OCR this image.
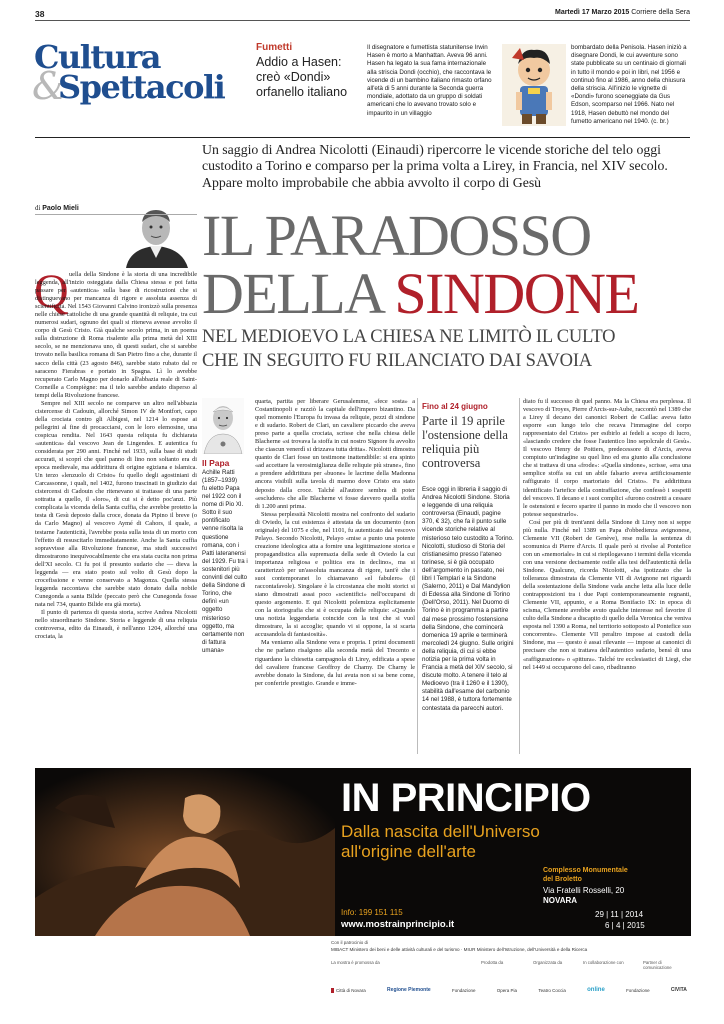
38	Martedì 17 Marzo 2015 Corriere della Sera
Cultura
&
Spettacoli
Fumetti
Addio a Hasen: creò «Dondi» orfanello italiano

Il disegnatore e fumettista statunitense Irwin Hasen è morto a Manhattan. Aveva 96 anni. Hasen ha legato la sua fama internazionale alla striscia Dondi (occhio), che raccontava le vicende di un bambino italiano rimasto orfano all'età di 5 anni durante la Seconda guerra mondiale, adottato da un gruppo di soldati americani che lo avevano trovato solo e impaurito in un villaggio

bombardato della Penisola. Hasen iniziò a disegnare Dondi, le cui avventure sono state pubblicate su un centinaio di giornali in tutto il mondo e poi in libri, nel 1956 e continuò fino al 1986, anno della chiusura della striscia. All'inizio le vignette di «Dondi» furono sceneggiate da Gus Edson, scomparso nel 1966. Nato nel 1918, Hasen debuttò nel mondo del fumetto americano nel 1940. (c. br.)

Un saggio di Andrea Nicolotti (Einaudi) ripercorre le vicende storiche del telo oggi custodito a Torino e comparso per la prima volta a Lirey, in Francia, nel XIV secolo. Appare molto improbabile che abbia avvolto il corpo di Gesù
di Paolo Mieli IL PARADOSSO
DELLA SINDONE
NEL MEDIOEVO LA CHIESA NE LIMITÒ IL CULTO
CHE IN SEGUITO FU RILANCIATO DAI SAVOIA
Q uella della Sindone è la storia di una incredibile leggenda, all'inizio osteggiata dalla Chiesa stessa e poi fatta passare per «autentica» sulla base di ricostruzioni che si distinguevano per mancanza di rigore e assoluta assenza di scientificità. Nel 1543 Giovanni Calvino ironizzò sulla presenza nelle chiese cattoliche di una grande quantità di reliquie, tra cui numerosi sudari, ognuno dei quali si riteneva avesse avvolto il corpo di Gesù Cristo. Già qualche secolo prima, in un poema sulla distruzione di Roma risalente alla prima metà del XIII secolo, se ne menzionava uno, di questi sudari, che si sarebbe trovato nella basilica romana di San Pietro fino a che, durante il sacco della città (23 agosto 846), sarebbe stato rubato dal re saraceno Fierabras e portato in Spagna. Lì lo avrebbe recuperato Carlo Magno per donarlo all'abbazia reale di Saint-Corneille a Compiègne: ma il telo sarebbe andato disperso al tempi della Rivoluzione francese.

Sempre nel XIII secolo ne comparve un altro nell'abbazia cistercense di Cadouin, allorché Simon IV de Montfort, capo della crociata contro gli Albigesi, nel 1214 lo espose ai pellegrini al fine di procacciarsi, con le loro elemosine, una cospicua rendita. Nel 1643 questa reliquia fu dichiarata «autentica» dal vescovo Jean de Lingendes. E autentica fu considerata per 290 anni. Finché nel 1933, sulla base di studi accurati, si scoprì che quel panno di lino non soltanto era di epoca medievale, ma addirittura di origine egiziana e islamica. Un terzo «lenzuolo di Cristo» fu quello degli agostiniani di Carcassonne, i quali, nel 1402, furono trascinati in giudizio dai cistercensi di Cadouin che ritenevano si trattasse di una parte sottratta a quello, il «loro», di cui si è detto poc'anzi. Più complicata la vicenda della Santa cuffia, che avrebbe protetto la testa di Gesù deposto dalla croce, donata da Pipino il breve (o da Carlo Magno) al vescovo Aymé di Cahors, il quale, a testarne l'autenticità, l'avrebbe posta sulla testa di un morto con l'effetto di resuscitarlo immediatamente. Anche la Santa cuffia sopravvisse alla Rivoluzione francese, ma studi successivi dimostrarono inequivocabilmente che era stata cucita non prima dell'XI secolo. Ci fu poi il presunto sudario che — dieva la leggenda — era stato posto sul volto di Gesù dopo la crocefissione e venne conservato a Magonza. Quella stessa leggenda raccontava che sarebbe stato donato dalla nobile Cunegonda a santa Bilide (peccato però che Cunegonda fosse nata nel 734, quanto Bilide era già morta).

Il punto di partenza di questa storia, scrive Andrea Nicolotti nello straordinario Sindone. Storia e leggende di una reliquia controversa, edito da Einaudi, è nell'anno 1204, allorché una crociata, la

Il Papa
Achille Ratti
(1857–1939)

fu eletto Papa nel 1922 con il nome di Pio XI. Sotto il suo pontificato venne risolta la questione romana, con i Patti lateranensi del 1929. Fu tra i sostenitori più convinti del culto della Sindone di Torino, che definì «un oggetto misterioso oggetto, ma certamente non di fattura umana»

quarta, partita per liberare Gerusalemme, «fece sosta» a Costantinopoli e razziò la capitale dell'impero bizantino. Da quel momento l'Europa fu invasa da reliquie, pezzi di sindone e di sudario. Robert de Clari, un cavaliere piccardo che aveva preso parte a quella crociata, scrisse che nella chiesa delle Blacherne «si trovava la stoffa in cui nostro Signore fu avvolto che ciascun venerdì si drizzava tutta dritta». Nicolotti dimostra quanto de Clari fosse un testimone inattendibile: si era spinto «ad accettare la verosimiglianza delle reliquie più strane», fino a prendere addirittura per «buone» le lacrime della Madonna ancora visibili sulla tavola di marmo dove Cristo era stato deposto dalla croce. Talché all'autore sembra di poter «escludere» che alle Blacherne vi fosse davvero quella stoffa di 1.200 anni prima.

Stessa perplessità Nicolotti mostra nel confronto del sudario di Oviedo, la cui esistenza è attestata da un documento (non originale) del 1075 e che, nel 1101, fu autenticato dal vescovo Pelayo. Secondo Nicolotti, Pelayo «mise a punto una potente creazione ideologica atta a fornire una legittimazione storica e propagandistica alla supremazia della sede di Oviedo la cui importanza religiosa e politica era in declino», ma si caratterizzò per un'assoluta mancanza di rigore, tant'è che i suoi contemporanei lo chiamavano «el fabulero» (il raccontafavole). Singolare è la circostanza che molti storici si siano dimostrati assai poco «scientifici» nell'occuparsi di questo argomento. E qui Nicolotti polemizza esplicitamente con la storiografia che si è occupata delle reliquie: «Quando una notizia leggendaria coincide con la tesi che si vuol dimostrare, la si accoglie; quando vi si oppone, la si scarta accusandola di fantasiosità».

Ma veniamo alla Sindone vera e propria. I primi documenti che ne parlano risalgono alla seconda metà del Trecento e riguardano la chiesetta campagnola di Lirey, edificata a spese del cavaliere francese Geoffroy de Charny. De Charny le avrebbe donato la Sindone, da lui avuta non si sa bene come, per conferirle prestigio. Grande e imme-

Fino al 24 giugno
Parte il 19 aprile l'ostensione della reliquia più controversa

Esce oggi in libreria il saggio di Andrea Nicolotti Sindone. Storia e leggende di una reliquia controversa (Einaudi, pagine 370, € 32), che fa il punto sulle vicende storiche relative al misterioso telo custodito a Torino. Nicolotti, studioso di Storia del cristianesimo presso l'ateneo torinese, si è già occupato dell'argomento in passato, nei libri I Templari e la Sindone (Salerno, 2011) e Dal Mandylion di Edessa alla Sindone di Torino (Dell'Orso, 2011). Nel Duomo di Torino è in programma a partire dal mese prossimo l'ostensione della Sindone, che comincerà domenica 19 aprile e terminerà mercoledì 24 giugno. Sulle origini della reliquia, di cui si ebbe notizia per la prima volta in Francia a metà del XIV secolo, si discute molto. A tenere il telo al Medioevo (tra il 1260 e il 1390), stabilità dall'esame del carbonio 14 nel 1988, è tuttora fortemente contestata da parecchi autori.

diato fu il successo di quel panno. Ma la Chiesa era perplessa. Il vescovo di Troyes, Pierre d'Arcis-sur-Aube, raccontò nel 1389 che a Lirey il decano dei canonici Robert de Caillac aveva fatto esporre «un lungo telo che recava l'immagine del corpo rappresentato del Cristo» per esibirlo ai fedeli a scopo di lucro, «lasciando credere che fosse l'autentico lino sepolcrale di Gesù». Il vescovo Henry de Poitiers, predecessore di d'Arcis, aveva compiuto un'indagine su quel lino ed era giunto alla conclusione che si trattava di una «frode»: «Quella sindone», scrisse, «era una semplice stoffa su cui un abile falsario aveva artificiosamente raffigurato il corpo martoriato del Cristo». Fu addirittura identificato l'artefice della contraffazione, che confessò i sospetti del vescovo. Il decano e i suoi complici «furono costretti a cessare le ostensioni e fecero sparire il panno in modo che il vescovo non potesse sequestrarlo».

Così per più di trent'anni della Sindone di Lirey non si seppe più nulla. Finché nel 1389 un Papa d'obbedienza avignonese, Clemente VII (Robert de Genève), rese nulla la sentenza di scomunica di Pierre d'Arcis. Il quale però si rivolse al Pontefice con un «memoriale» in cui si riepilogavano i termini della vicenda con una versione decisamente ostile alla tesi dell'autenticità della Sindone. Qualcuno, ricorda Nicolotti, «ha ipotizzato che la tolleranza dimostrata da Clemente VII di Avignone nei riguardi della sostentazione della Sindone vada anche letta alla luce delle contrapposizioni tra i due Papi contemporaneamente regnanti, Clemente VII, appunto, e a Roma Bonifacio IX: in epoca di scisma, Clemente avrebbe avuto qualche interesse nel favorire il culto della Sindone a discapito di quello della Veronica che veniva esposta nel 1390 a Roma, nel territorio sottoposto al Pontefice suo concorrente». Clemente VII peraltro impose ai custodi della Sindone, ma — questo è assai rilevante — impose ai canonici di precisare che non si trattava dell'autentico sudario, bensì di una «raffigurazione» o «pittura». Talché tre ecclesiastici di Liegi, che nel 1449 si occuparono del caso, ribadiranno

IN PRINCIPIO
Dalla nascita dell'Universo
all'origine dell'arte
Complesso Monumentale
del Broletto
Via Fratelli Rosselli, 20
NOVARA
Info: 199 151 115
www.mostrainprincipio.it
29 | 11 | 2014
6 | 4 | 2015
Con il patrocinio di
MIBACT Ministero dei beni e delle attività culturali e del turismo · MIUR Ministero dell'Istruzione, dell'Università e della Ricerca
La mostra è promossa da	Prodotta da	Organizzata da	In collaborazione con	Partner di comunicazione
Città di Novara	Regione Piemonte	Fondazione	Opera Pia	Teatro Coccia	online	Fondazione	CIVITA
